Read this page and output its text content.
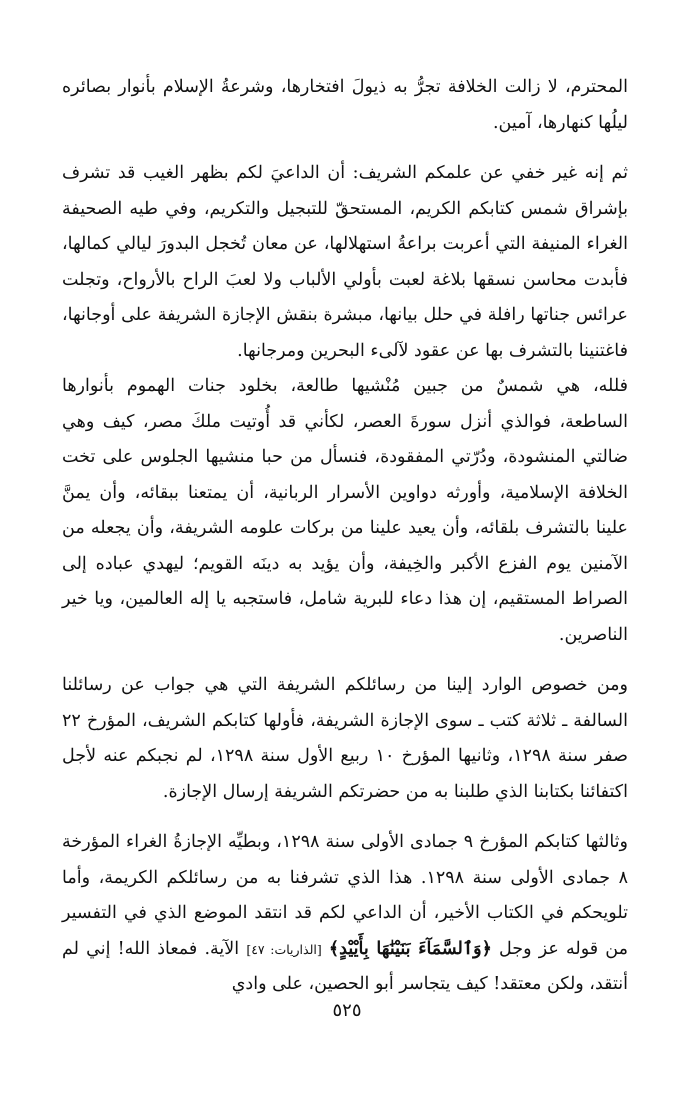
المحترم، لا زالت الخلافة تجرُّ به ذيولَ افتخارها، وشرعةُ الإسلام بأنوار بصائره ليلُها كنهارها، آمين.

ثم إنه غير خفي عن علمكم الشريف: أن الداعيَ لكم بظهر الغيب قد تشرف بإشراق شمس كتابكم الكريم، المستحقّ للتبجيل والتكريم، وفي طيه الصحيفة الغراء المنيفة التي أعربت براعةُ استهلالها، عن معان تُخجل البدورَ ليالي كمالها، فأبدت محاسن نسقها بلاغة لعبت بأولي الألباب ولا لعبَ الراح بالأرواح، وتجلت عرائس جناتها رافلة في حلل بيانها، مبشرة بنقش الإجازة الشريفة على أوجانها، فاغتنينا بالتشرف بها عن عقود لآلىء البحرين ومرجانها.

فلله، هي شمسٌ من جبين مُنْشيها طالعة، بخلود جنات الهموم بأنوارها الساطعة، فوالذي أنزل سورةَ العصر، لكأني قد أُوتيت ملكَ مصر، كيف وهي ضالتي المنشودة، ودُرّتي المفقودة، فنسأل من حبا منشيها الجلوس على تخت الخلافة الإسلامية، وأورثه دواوين الأسرار الربانية، أن يمتعنا ببقائه، وأن يمنَّ علينا بالتشرف بلقائه، وأن يعيد علينا من بركات علومه الشريفة، وأن يجعله من الآمنين يوم الفزع الأكبر والخِيفة، وأن يؤيد به دينَه القويم؛ ليهدي عباده إلى الصراط المستقيم، إن هذا دعاء للبرية شامل، فاستجبه يا إله العالمين، ويا خير الناصرين.

ومن خصوص الوارد إلينا من رسائلكم الشريفة التي هي جواب عن رسائلنا السالفة ـ ثلاثة كتب ـ سوى الإجازة الشريفة، فأولها كتابكم الشريف، المؤرخ ٢٢ صفر سنة ١٢٩٨، وثانيها المؤرخ ١٠ ربيع الأول سنة ١٢٩٨، لم نجبكم عنه لأجل اكتفائنا بكتابنا الذي طلبنا به من حضرتكم الشريفة إرسال الإجازة.

وثالثها كتابكم المؤرخ ٩ جمادى الأولى سنة ١٢٩٨، وبطيِّه الإجازةُ الغراء المؤرخة ٨ جمادى الأولى سنة ١٢٩٨. هذا الذي تشرفنا به من رسائلكم الكريمة، وأما تلويحكم في الكتاب الأخير، أن الداعي لكم قد انتقد الموضع الذي في التفسير من قوله عز وجل ﴿وَٱلسَّمَآءَ بَنَيْنَٰهَا بِأَيْيْدٍ﴾ [الذاريات: ٤٧] الآية. فمعاذ الله! إني لم أنتقد، ولكن معتقد! كيف يتجاسر أبو الحصين، على وادي

٥٢٥
